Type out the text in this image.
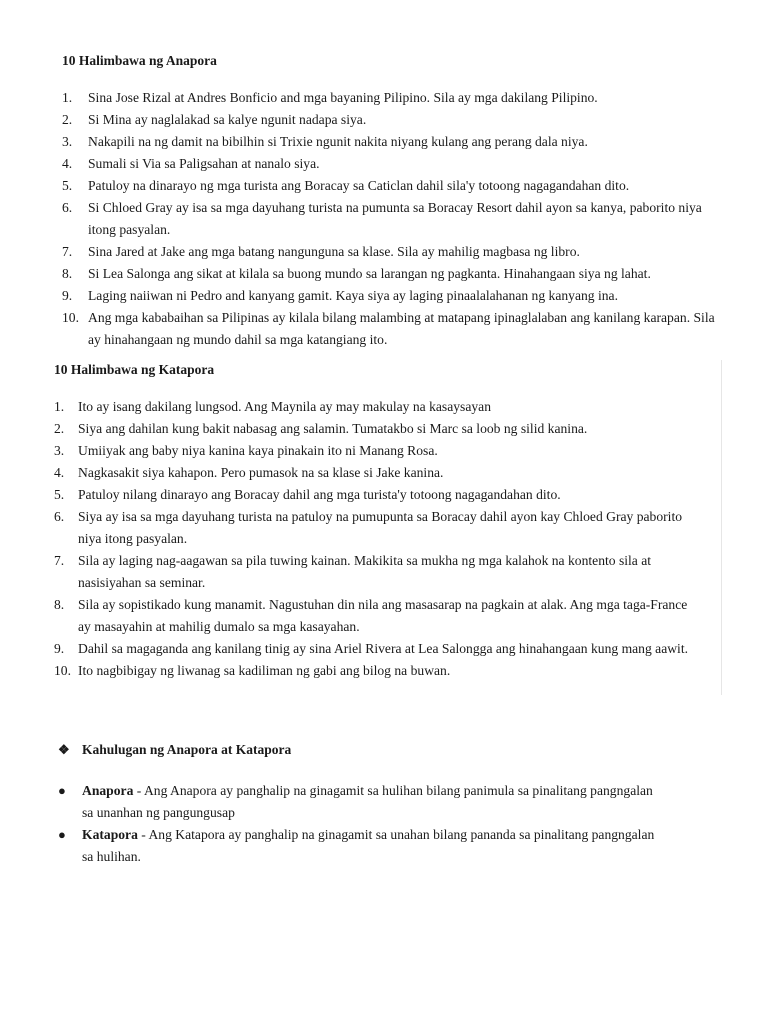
10 Halimbawa ng Anapora
1.	Sina Jose Rizal at Andres Bonficio and mga bayaning Pilipino. Sila ay mga dakilang Pilipino.
2.	Si Mina ay naglalakad sa kalye ngunit nadapa siya.
3.	Nakapili na ng damit na bibilhin si Trixie ngunit nakita niyang kulang ang perang dala niya.
4.	Sumali si Via sa Paligsahan at nanalo siya.
5.	Patuloy na dinarayo ng mga turista ang Boracay sa Caticlan dahil sila'y totoong nagagandahan dito.
6.	Si Chloed Gray ay isa sa mga dayuhang turista na pumunta sa Boracay Resort dahil ayon sa kanya, paborito niya itong pasyalan.
7.	Sina Jared at Jake ang mga batang nangunguna sa klase. Sila ay mahilig magbasa ng libro.
8.	Si Lea Salonga ang sikat at kilala sa buong mundo sa larangan ng pagkanta. Hinahangaan siya ng lahat.
9.	Laging naiiwan ni Pedro and kanyang gamit. Kaya siya ay laging pinaalalahanan ng kanyang ina.
10. Ang mga kababaihan sa Pilipinas ay kilala bilang malambing at matapang ipinaglalaban ang kanilang karapan. Sila ay hinahangaan ng mundo dahil sa mga katangiang ito.
10 Halimbawa ng Katapora
1.	Ito ay isang dakilang lungsod. Ang Maynila ay may makulay na kasaysayan
2.	Siya ang dahilan kung bakit nabasag ang salamin. Tumatakbo si Marc sa loob ng silid kanina.
3.	Umiiyak ang baby niya kanina kaya pinakain ito ni Manang Rosa.
4.	Nagkasakit siya kahapon. Pero pumasok na sa klase si Jake kanina.
5.	Patuloy nilang dinarayo ang Boracay dahil ang mga turista'y totoong nagagandahan dito.
6.	Siya ay isa sa mga dayuhang turista na patuloy na pumupunta sa Boracay dahil ayon kay Chloed Gray paborito niya itong pasyalan.
7.	Sila ay laging nag-aagawan sa pila tuwing kainan. Makikita sa mukha ng mga kalahok na kontento sila at nasisiyahan sa seminar.
8.	Sila ay sopistikado kung manamit. Nagustuhan din nila ang masasarap na pagkain at alak. Ang mga taga-France ay masayahin at mahilig dumalo sa mga kasayahan.
9.	Dahil sa magaganda ang kanilang tinig ay sina Ariel Rivera at Lea Salongga ang hinahangaan kung mang aawit.
10. Ito nagbibigay ng liwanag sa kadiliman ng gabi ang bilog na buwan.
❖ Kahulugan ng Anapora at Katapora
●	Anapora - Ang Anapora ay panghalip na ginagamit sa hulihan bilang panimula sa pinalitang pangngalan sa unanhan ng pangungusap
●	Katapora - Ang Katapora ay panghalip na ginagamit sa unahan bilang pananda sa pinalitang pangngalan sa hulihan.
